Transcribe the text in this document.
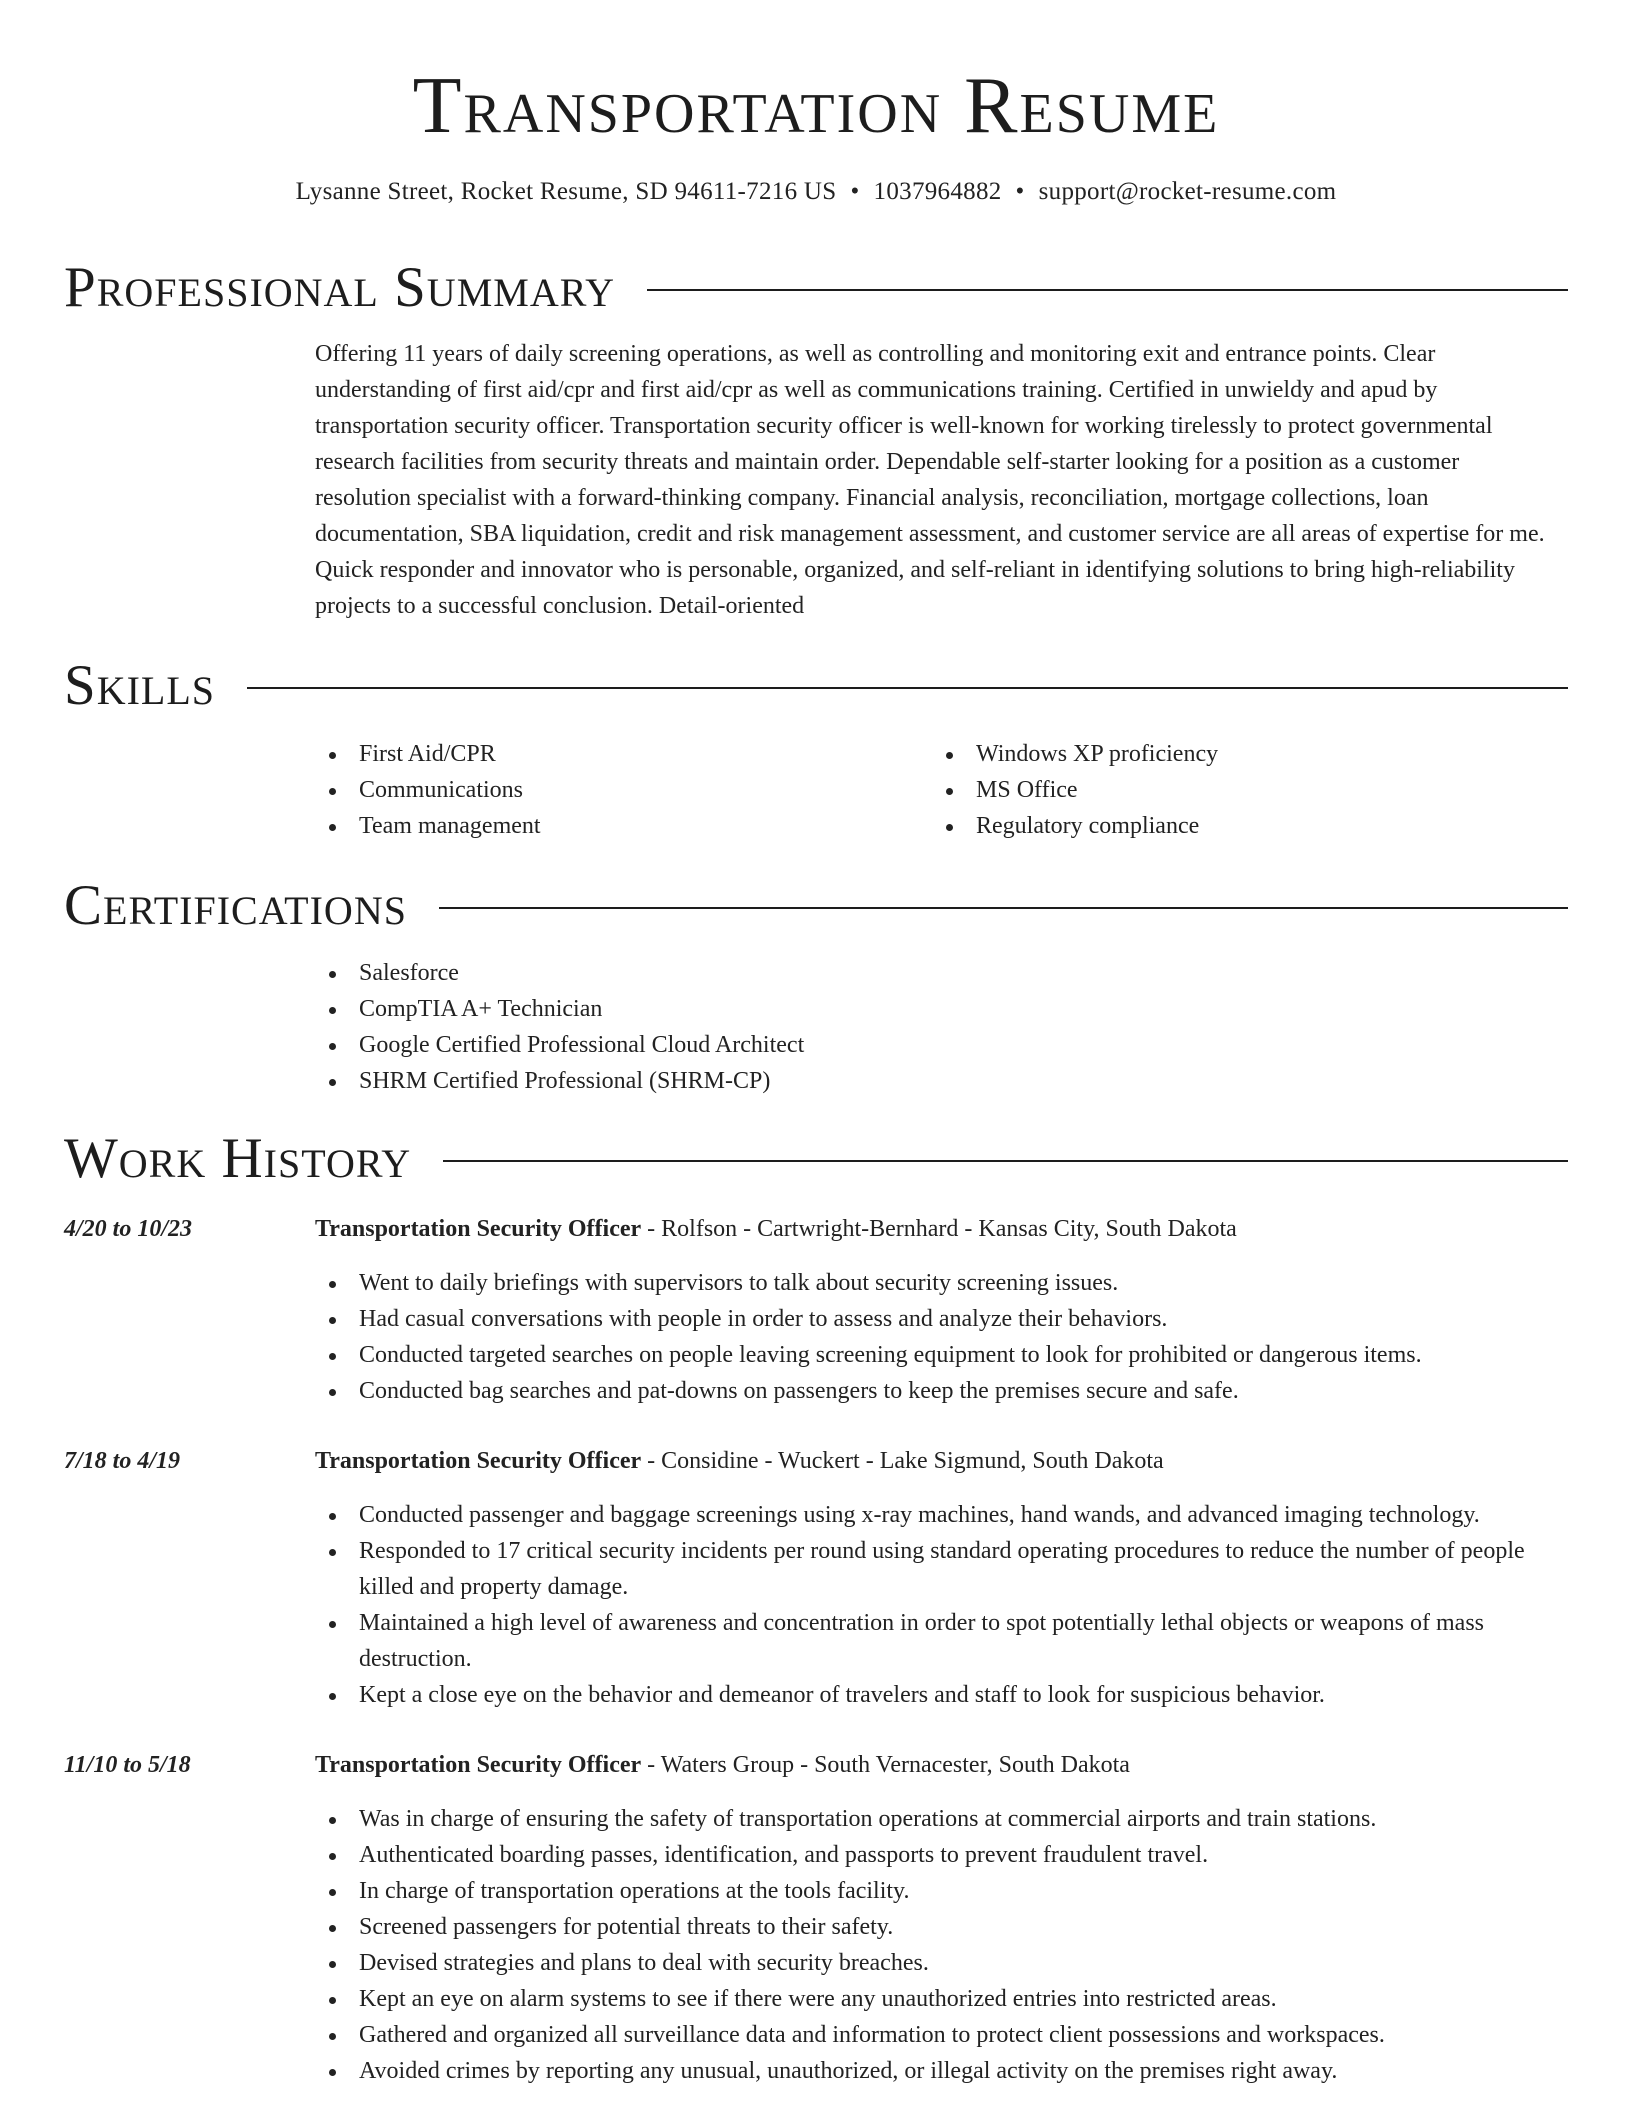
Transportation Resume
Lysanne Street, Rocket Resume, SD 94611-7216 US • 1037964882 • support@rocket-resume.com
Professional Summary

Offering 11 years of daily screening operations, as well as controlling and monitoring exit and entrance points. Clear understanding of first aid/cpr and first aid/cpr as well as communications training. Certified in unwieldy and apud by transportation security officer. Transportation security officer is well-known for working tirelessly to protect governmental research facilities from security threats and maintain order. Dependable self-starter looking for a position as a customer resolution specialist with a forward-thinking company. Financial analysis, reconciliation, mortgage collections, loan documentation, SBA liquidation, credit and risk management assessment, and customer service are all areas of expertise for me. Quick responder and innovator who is personable, organized, and self-reliant in identifying solutions to bring high-reliability projects to a successful conclusion. Detail-oriented

Skills
First Aid/CPR
Communications
Team management
Windows XP proficiency
MS Office
Regulatory compliance
Certifications
Salesforce
CompTIA A+ Technician
Google Certified Professional Cloud Architect
SHRM Certified Professional (SHRM-CP)
Work History
4/20 to 10/23	Transportation Security Officer - Rolfson - Cartwright-Bernhard - Kansas City, South Dakota
Went to daily briefings with supervisors to talk about security screening issues.
Had casual conversations with people in order to assess and analyze their behaviors.
Conducted targeted searches on people leaving screening equipment to look for prohibited or dangerous items.
Conducted bag searches and pat-downs on passengers to keep the premises secure and safe.
7/18 to 4/19	Transportation Security Officer - Considine - Wuckert - Lake Sigmund, South Dakota
Conducted passenger and baggage screenings using x-ray machines, hand wands, and advanced imaging technology.
Responded to 17 critical security incidents per round using standard operating procedures to reduce the number of people killed and property damage.
Maintained a high level of awareness and concentration in order to spot potentially lethal objects or weapons of mass destruction.
Kept a close eye on the behavior and demeanor of travelers and staff to look for suspicious behavior.
11/10 to 5/18	Transportation Security Officer - Waters Group - South Vernacester, South Dakota
Was in charge of ensuring the safety of transportation operations at commercial airports and train stations.
Authenticated boarding passes, identification, and passports to prevent fraudulent travel.
In charge of transportation operations at the tools facility.
Screened passengers for potential threats to their safety.
Devised strategies and plans to deal with security breaches.
Kept an eye on alarm systems to see if there were any unauthorized entries into restricted areas.
Gathered and organized all surveillance data and information to protect client possessions and workspaces.
Avoided crimes by reporting any unusual, unauthorized, or illegal activity on the premises right away.
